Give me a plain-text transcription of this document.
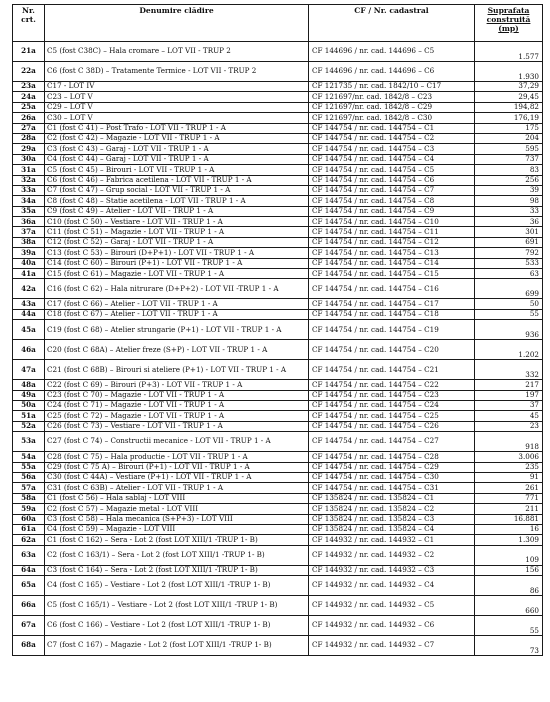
Nr. crt.	Denumire clădire	CF / Nr. cadastral	Suprafata construită (mp)
21a	C5 (fost C38C) – Hala cromare – LOT VII - TRUP 2	CF 144696 / nr. cad. 144696 – C5	1.577
22a	C6 (fost C 38D) – Tratamente Termice - LOT VII - TRUP 2	CF 144696 / nr. cad. 144696 – C6	1.930
23a	C17 - LOT IV	CF 121735 / nr. cad. 1842/10 – C17	37,29
24a	C23 – LOT V	CF 121697/nr. cad. 1842/8 – C23	29,45
25a	C29 – LOT V	CF 121697/nr. cad. 1842/8 – C29	194,82
26a	C30 – LOT V	CF 121697/nr. cad. 1842/8 – C30	176,19
27a	C1 (fost C 41) – Post Trafo - LOT VII - TRUP 1 - A	CF 144754 / nr. cad. 144754 – C1	175
28a	C2 (fost C 42) – Magazie - LOT VII - TRUP 1 - A	CF 144754 / nr. cad. 144754 – C2	204
29a	C3 (fost C 43) – Garaj - LOT VII - TRUP 1 - A	CF 144754 / nr. cad. 144754 – C3	595
30a	C4 (fost C 44) – Garaj - LOT VII - TRUP 1 - A	CF 144754 / nr. cad. 144754 – C4	737
31a	C5 (fost C 45) – Birouri - LOT VII - TRUP 1 - A	CF 144754 / nr. cad. 144754 – C5	83
32a	C6 (fost C 46) – Fabrica acetilena - LOT VII - TRUP 1 - A	CF 144754 / nr. cad. 144754 – C6	256
33a	C7 (fost C 47) – Grup social - LOT VII - TRUP 1 - A	CF 144754 / nr. cad. 144754 – C7	39
34a	C8 (fost C 48) – Statie acetilena - LOT VII - TRUP 1 - A	CF 144754 / nr. cad. 144754 – C8	98
35a	C9 (fost C 49) – Atelier - LOT VII - TRUP 1 - A	CF 144754 / nr. cad. 144754 – C9	33
36a	C10 (fost C 50) – Vestiare - LOT VII - TRUP 1 - A	CF 144754 / nr. cad. 144754 – C10	36
37a	C11 (fost C 51) – Magazie - LOT VII - TRUP 1 - A	CF 144754 / nr. cad. 144754 – C11	301
38a	C12 (fost C 52) – Garaj - LOT VII - TRUP 1 - A	CF 144754 / nr. cad. 144754 – C12	691
39a	C13 (fost C 53) – Birouri (D+P+1) - LOT VII - TRUP 1 - A	CF 144754 / nr. cad. 144754 – C13	792
40a	C14 (fost C 60) – Birouri (P+1) - LOT VII - TRUP 1 - A	CF 144754 / nr. cad. 144754 – C14	533
41a	C15 (fost C 61) – Magazie - LOT VII - TRUP 1 - A	CF 144754 / nr. cad. 144754 – C15	63
42a	C16 (fost C 62) – Hala nitrurare (D+P+2) - LOT VII -TRUP 1 - A	CF 144754 / nr. cad. 144754 – C16	699
43a	C17 (fost C 66) – Atelier - LOT VII - TRUP 1 - A	CF 144754 / nr. cad. 144754 – C17	50
44a	C18 (fost C 67) – Atelier - LOT VII - TRUP 1 - A	CF 144754 / nr. cad. 144754 – C18	55
45a	C19 (fost C 68) – Atelier strungarie (P+1) - LOT VII - TRUP 1 - A	CF 144754 / nr. cad. 144754 – C19	936
46a	C20 (fost C 68A) – Atelier freze (S+P) - LOT VII - TRUP 1 - A	CF 144754 / nr. cad. 144754 – C20	1.202
47a	C21 (fost C 68B) – Birouri si ateliere (P+1) - LOT VII - TRUP 1 - A	CF 144754 / nr. cad. 144754 – C21	332
48a	C22 (fost C 69) – Birouri (P+3) - LOT VII - TRUP 1 - A	CF 144754 / nr. cad. 144754 – C22	217
49a	C23 (fost C 70) – Magazie - LOT VII - TRUP 1 - A	CF 144754 / nr. cad. 144754 – C23	197
50a	C24 (fost C 71) – Magazie - LOT VII - TRUP 1 - A	CF 144754 / nr. cad. 144754 – C24	37
51a	C25 (fost C 72) – Magazie - LOT VII - TRUP 1 - A	CF 144754 / nr. cad. 144754 – C25	45
52a	C26 (fost C 73) – Vestiare - LOT VII - TRUP 1 - A	CF 144754 / nr. cad. 144754 – C26	23
53a	C27 (fost C 74) – Constructii mecanice - LOT VII - TRUP 1 - A	CF 144754 / nr. cad. 144754 – C27	918
54a	C28 (fost C 75) – Hala productie - LOT VII - TRUP 1 - A	CF 144754 / nr. cad. 144754 – C28	3.006
55a	C29 (fost C 75 A) – Birouri (P+1) - LOT VII - TRUP 1 - A	CF 144754 / nr. cad. 144754 – C29	235
56a	C30 (fost C 44A) – Vestiare (P+1) - LOT VII - TRUP 1 - A	CF 144754 / nr. cad. 144754 – C30	91
57a	C31 (fost C 63B) – Atelier - LOT VII - TRUP 1 - A	CF 144754 / nr. cad. 144754 – C31	261
58a	C1 (fost C 56) – Hala sablaj - LOT VIII	CF 135824 / nr. cad. 135824 – C1	771
59a	C2 (fost C 57) – Magazie metal - LOT VIII	CF 135824 / nr. cad. 135824 – C2	211
60a	C3 (fost C 58) – Hala mecanica (S+P+3) - LOT VIII	CF 135824 / nr. cad. 135824 – C3	16.881
61a	C4 (fost C 59) – Magazie - LOT VIII	CF 135824 / nr. cad. 135824 – C4	16
62a	C1 (fost C 162) – Sera - Lot 2 (fost LOT XIII/1 -TRUP 1- B)	CF 144932 / nr. cad. 144932 – C1	1.309
63a	C2 (fost C 163/1) – Sera - Lot 2 (fost LOT XIII/1 -TRUP 1- B)	CF 144932 / nr. cad. 144932 – C2	109
64a	C3 (fost C 164) – Sera - Lot 2 (fost LOT XIII/1 -TRUP 1- B)	CF 144932 / nr. cad. 144932 – C3	156
65a	C4 (fost C 165) – Vestiare - Lot 2 (fost LOT XIII/1 -TRUP 1- B)	CF 144932 / nr. cad. 144932 – C4	86
66a	C5 (fost C 165/1) – Vestiare - Lot 2 (fost LOT XIII/1 -TRUP 1- B)	CF 144932 / nr. cad. 144932 – C5	660
67a	C6 (fost C 166) – Vestiare - Lot 2 (fost LOT XIII/1 -TRUP 1- B)	CF 144932 / nr. cad. 144932 – C6	55
68a	C7 (fost C 167) – Magazie - Lot 2 (fost LOT XIII/1 -TRUP 1- B)	CF 144932 / nr. cad. 144932 – C7	73
